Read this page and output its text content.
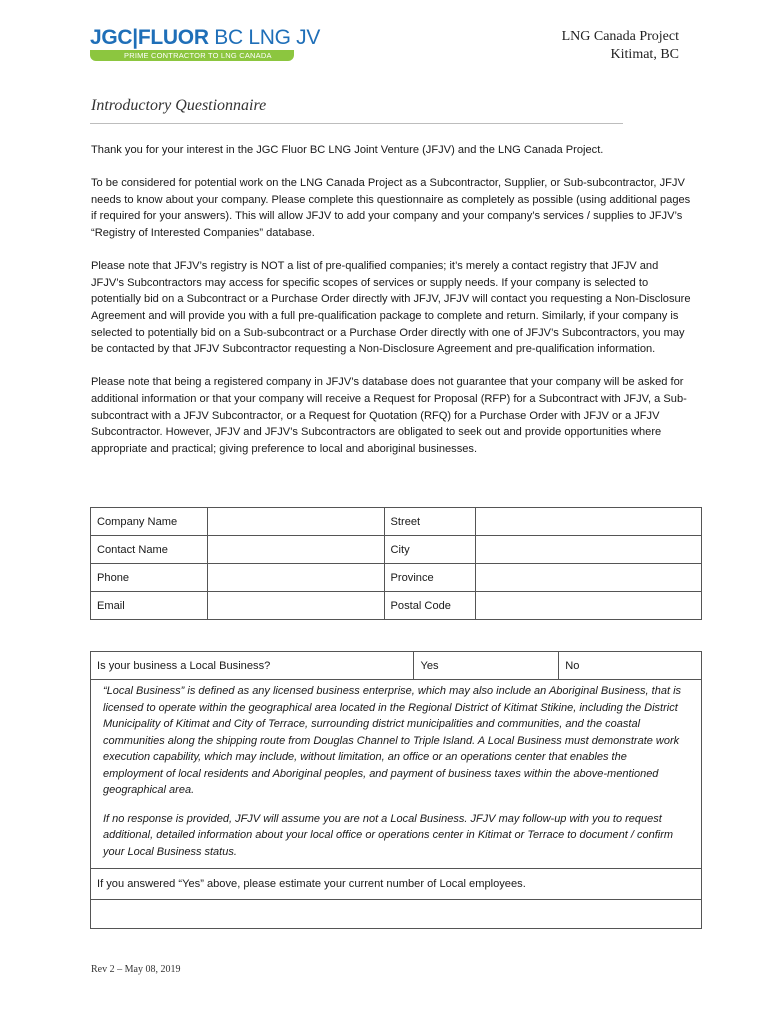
JGC|FLUOR BC LNG JV
PRIME CONTRACTOR TO LNG CANADA
LNG Canada Project
Kitimat, BC
Introductory Questionnaire

Thank you for your interest in the JGC Fluor BC LNG Joint Venture (JFJV) and the LNG Canada Project.

To be considered for potential work on the LNG Canada Project as a Subcontractor, Supplier, or Sub-subcontractor, JFJV needs to know about your company. Please complete this questionnaire as completely as possible (using additional pages if required for your answers). This will allow JFJV to add your company and your company’s services / supplies to JFJV’s “Registry of Interested Companies” database.

Please note that JFJV’s registry is NOT a list of pre-qualified companies; it’s merely a contact registry that JFJV and JFJV’s Subcontractors may access for specific scopes of services or supply needs. If your company is selected to potentially bid on a Subcontract or a Purchase Order directly with JFJV, JFJV will contact you requesting a Non-Disclosure Agreement and will provide you with a full pre-qualification package to complete and return. Similarly, if your company is selected to potentially bid on a Sub-subcontract or a Purchase Order directly with one of JFJV’s Subcontractors, you may be contacted by that JFJV Subcontractor requesting a Non-Disclosure Agreement and pre-qualification information.

Please note that being a registered company in JFJV’s database does not guarantee that your company will be asked for additional information or that your company will receive a Request for Proposal (RFP) for a Subcontract with JFJV, a Sub-subcontract with a JFJV Subcontractor, or a Request for Quotation (RFQ) for a Purchase Order with JFJV or a JFJV Subcontractor. However, JFJV and JFJV’s Subcontractors are obligated to seek out and provide opportunities where appropriate and practical; giving preference to local and aboriginal businesses.

Company Name		Street	
Contact Name		City	
Phone		Province	
Email		Postal Code	
Is your business a Local Business?	Yes	No

“Local Business” is defined as any licensed business enterprise, which may also include an Aboriginal Business, that is licensed to operate within the geographical area located in the Regional District of Kitimat Stikine, including the District Municipality of Kitimat and City of Terrace, surrounding district municipalities and communities, and the coastal communities along the shipping route from Douglas Channel to Triple Island. A Local Business must demonstrate work execution capability, which may include, without limitation, an office or an operations center that enables the employment of local residents and Aboriginal peoples, and payment of business taxes within the above-mentioned geographical area.

If no response is provided, JFJV will assume you are not a Local Business. JFJV may follow-up with you to request additional, detailed information about your local office or operations center in Kitimat or Terrace to document / confirm your Local Business status.

If you answered “Yes” above, please estimate your current number of Local employees.

Rev 2 – May 08, 2019
